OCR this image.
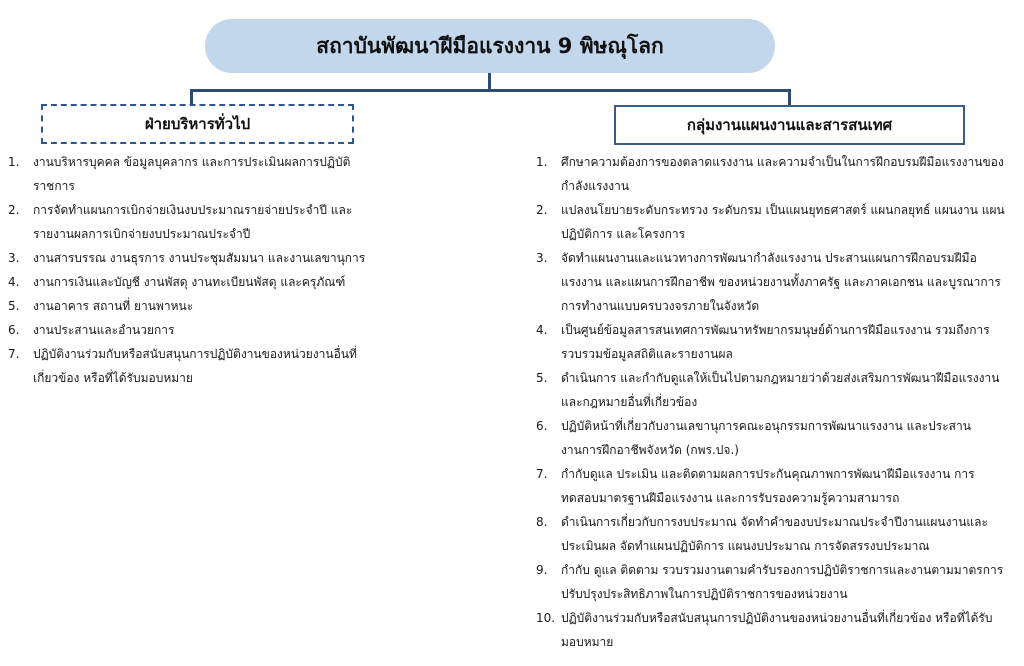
สถาบันพัฒนาฝีมือแรงงาน 9 พิษณุโลก
ฝ่ายบริหารทั่วไป	กลุ่มงานแผนงานและสารสนเทศ
1. งานบริหารบุคคล ข้อมูลบุคลากร และการประเมินผลการปฏิบัติราชการ
2. การจัดทำแผนการเบิกจ่ายเงินงบประมาณรายจ่ายประจำปี และรายงานผลการเบิกจ่ายงบประมาณประจำปี
3. งานสารบรรณ งานธุรการ งานประชุมสัมมนา และงานเลขานุการ
4. งานการเงินและบัญชี งานพัสดุ งานทะเบียนพัสดุ และครุภัณฑ์
5. งานอาคาร สถานที่ ยานพาหนะ
6. งานประสานและอำนวยการ
7. ปฏิบัติงานร่วมกับหรือสนับสนุนการปฏิบัติงานของหน่วยงานอื่นที่เกี่ยวข้อง หรือที่ได้รับมอบหมาย
1. ศึกษาความต้องการของตลาดแรงงาน และความจำเป็นในการฝึกอบรมฝีมือแรงงานของกำลังแรงงาน
2. แปลงนโยบายระดับกระทรวง ระดับกรม เป็นแผนยุทธศาสตร์ แผนกลยุทธ์ แผนงาน แผนปฏิบัติการ และโครงการ
3. จัดทำแผนงานและแนวทางการพัฒนากำลังแรงงาน ประสานแผนการฝึกอบรมฝีมือแรงงาน และแผนการฝึกอาชีพ ของหน่วยงานทั้งภาครัฐ และภาคเอกชน และบูรณาการการทำงานแบบครบวงจรภายในจังหวัด
4. เป็นศูนย์ข้อมูลสารสนเทศการพัฒนาทรัพยากรมนุษย์ด้านการฝีมือแรงงาน รวมถึงการรวบรวมข้อมูลสถิติและรายงานผล
5. ดำเนินการ และกำกับดูแลให้เป็นไปตามกฎหมายว่าด้วยส่งเสริมการพัฒนาฝีมือแรงงาน และกฎหมายอื่นที่เกี่ยวข้อง
6. ปฏิบัติหน้าที่เกี่ยวกับงานเลขานุการคณะอนุกรรมการพัฒนาแรงงาน และประสานงานการฝึกอาชีพจังหวัด (กพร.ปจ.)
7. กำกับดูแล ประเมิน และติดตามผลการประกันคุณภาพการพัฒนาฝีมือแรงงาน การทดสอบมาตรฐานฝีมือแรงงาน และการรับรองความรู้ความสามารถ
8. ดำเนินการเกี่ยวกับการงบประมาณ จัดทำคำของบประมาณประจำปีงานแผนงานและประเมินผล จัดทำแผนปฏิบัติการ แผนงบประมาณ การจัดสรรงบประมาณ
9. กำกับ ดูแล ติดตาม รวบรวมงานตามคำรับรองการปฏิบัติราชการและงานตามมาตรการปรับปรุงประสิทธิภาพในการปฏิบัติราชการของหน่วยงาน
10. ปฏิบัติงานร่วมกับหรือสนับสนุนการปฏิบัติงานของหน่วยงานอื่นที่เกี่ยวข้อง หรือที่ได้รับมอบหมาย
